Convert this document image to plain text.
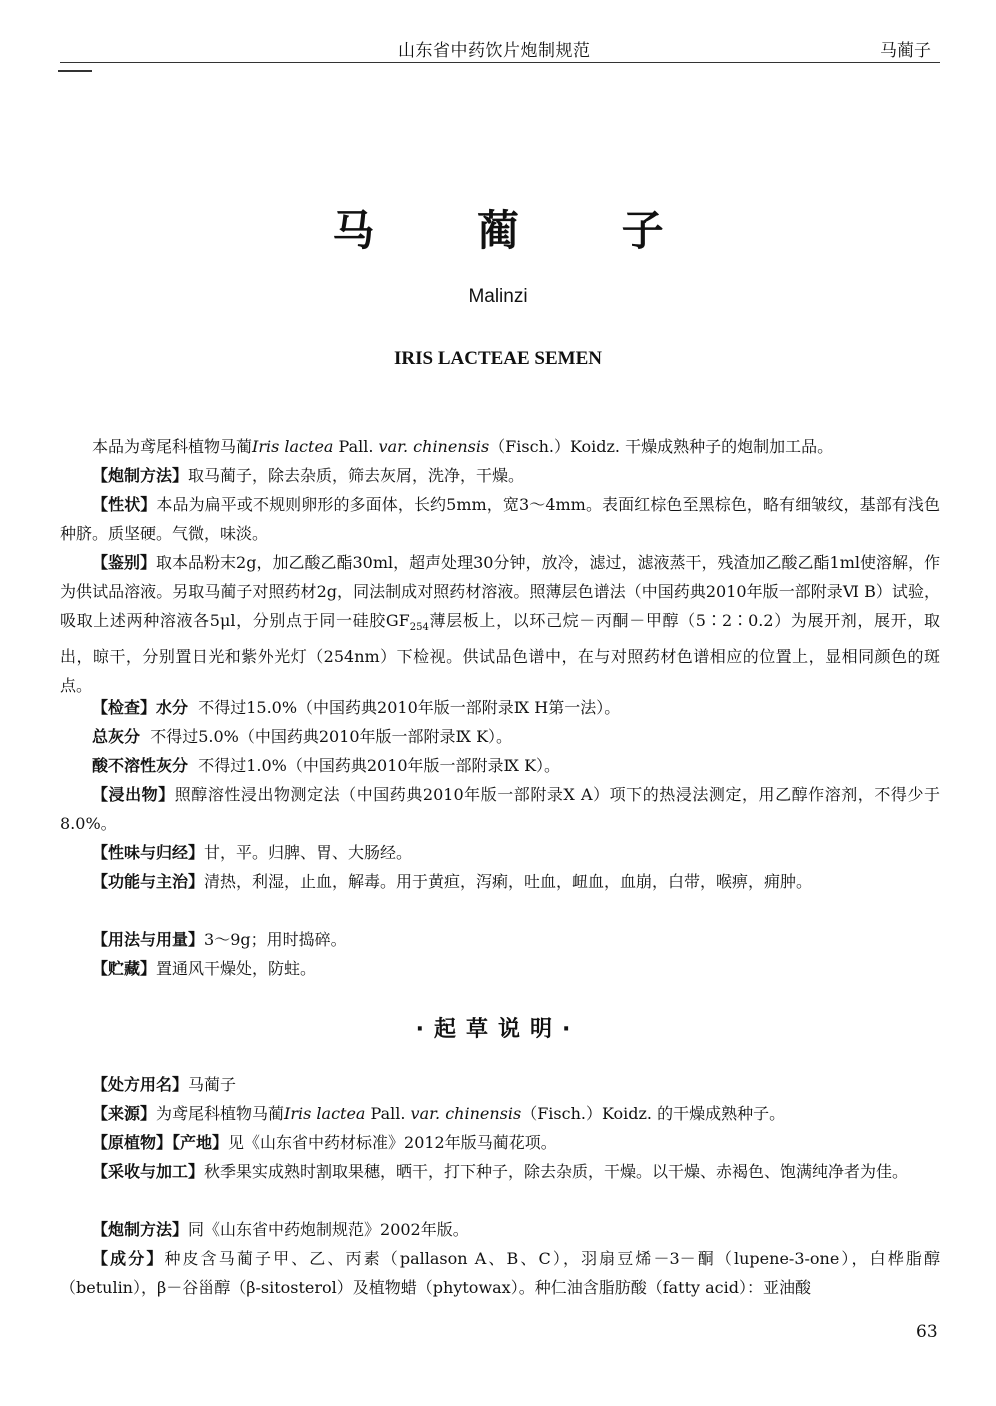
山东省中药饮片炮制规范	马蔺子
马 蔺 子
Malinzi
IRIS LACTEAE SEMEN
本品为鸢尾科植物马蔺Iris lactea Pall. var. chinensis（Fisch.）Koidz. 干燥成熟种子的炮制加工品。
【炮制方法】取马蔺子，除去杂质，筛去灰屑，洗净，干燥。
【性状】本品为扁平或不规则卵形的多面体，长约5mm，宽3～4mm。表面红棕色至黑棕色，略有细皱纹，基部有浅色种脐。质坚硬。气微，味淡。
【鉴别】取本品粉末2g，加乙酸乙酯30ml，超声处理30分钟，放冷，滤过，滤液蒸干，残渣加乙酸乙酯1ml使溶解，作为供试品溶液。另取马蔺子对照药材2g，同法制成对照药材溶液。照薄层色谱法（中国药典2010年版一部附录Ⅵ B）试验，吸取上述两种溶液各5μl，分别点于同一硅胶$GF_{254}$薄层板上，以环己烷－丙酮－甲醇（5∶2∶0.2）为展开剂，展开，取出，晾干，分别置日光和紫外光灯（254nm）下检视。供试品色谱中，在与对照药材色谱相应的位置上，显相同颜色的斑点。
【检查】水分 不得过15.0%（中国药典2010年版一部附录Ⅸ H第一法）。
总灰分 不得过5.0%（中国药典2010年版一部附录Ⅸ K）。
酸不溶性灰分 不得过1.0%（中国药典2010年版一部附录Ⅸ K）。
【浸出物】照醇溶性浸出物测定法（中国药典2010年版一部附录Ⅹ A）项下的热浸法测定，用乙醇作溶剂，不得少于8.0%。
【性味与归经】甘，平。归脾、胃、大肠经。
【功能与主治】清热，利湿，止血，解毒。用于黄疸，泻痢，吐血，衄血，血崩，白带，喉痹，痈肿。
【用法与用量】3～9g；用时捣碎。
【贮藏】置通风干燥处，防蛀。
·起草说明·
【处方用名】马蔺子
【来源】为鸢尾科植物马蔺Iris lactea Pall. var. chinensis（Fisch.）Koidz. 的干燥成熟种子。
【原植物】【产地】见《山东省中药材标准》2012年版马蔺花项。
【采收与加工】秋季果实成熟时割取果穗，晒干，打下种子，除去杂质，干燥。以干燥、赤褐色、饱满纯净者为佳。
【炮制方法】同《山东省中药炮制规范》2002年版。
【成分】种皮含马蔺子甲、乙、丙素（pallason A、B、C），羽扇豆烯－3－酮（lupene-3-one），白桦脂醇（betulin），β－谷甾醇（β-sitosterol）及植物蜡（phytowax）。种仁油含脂肪酸（fatty acid）：亚油酸
63
